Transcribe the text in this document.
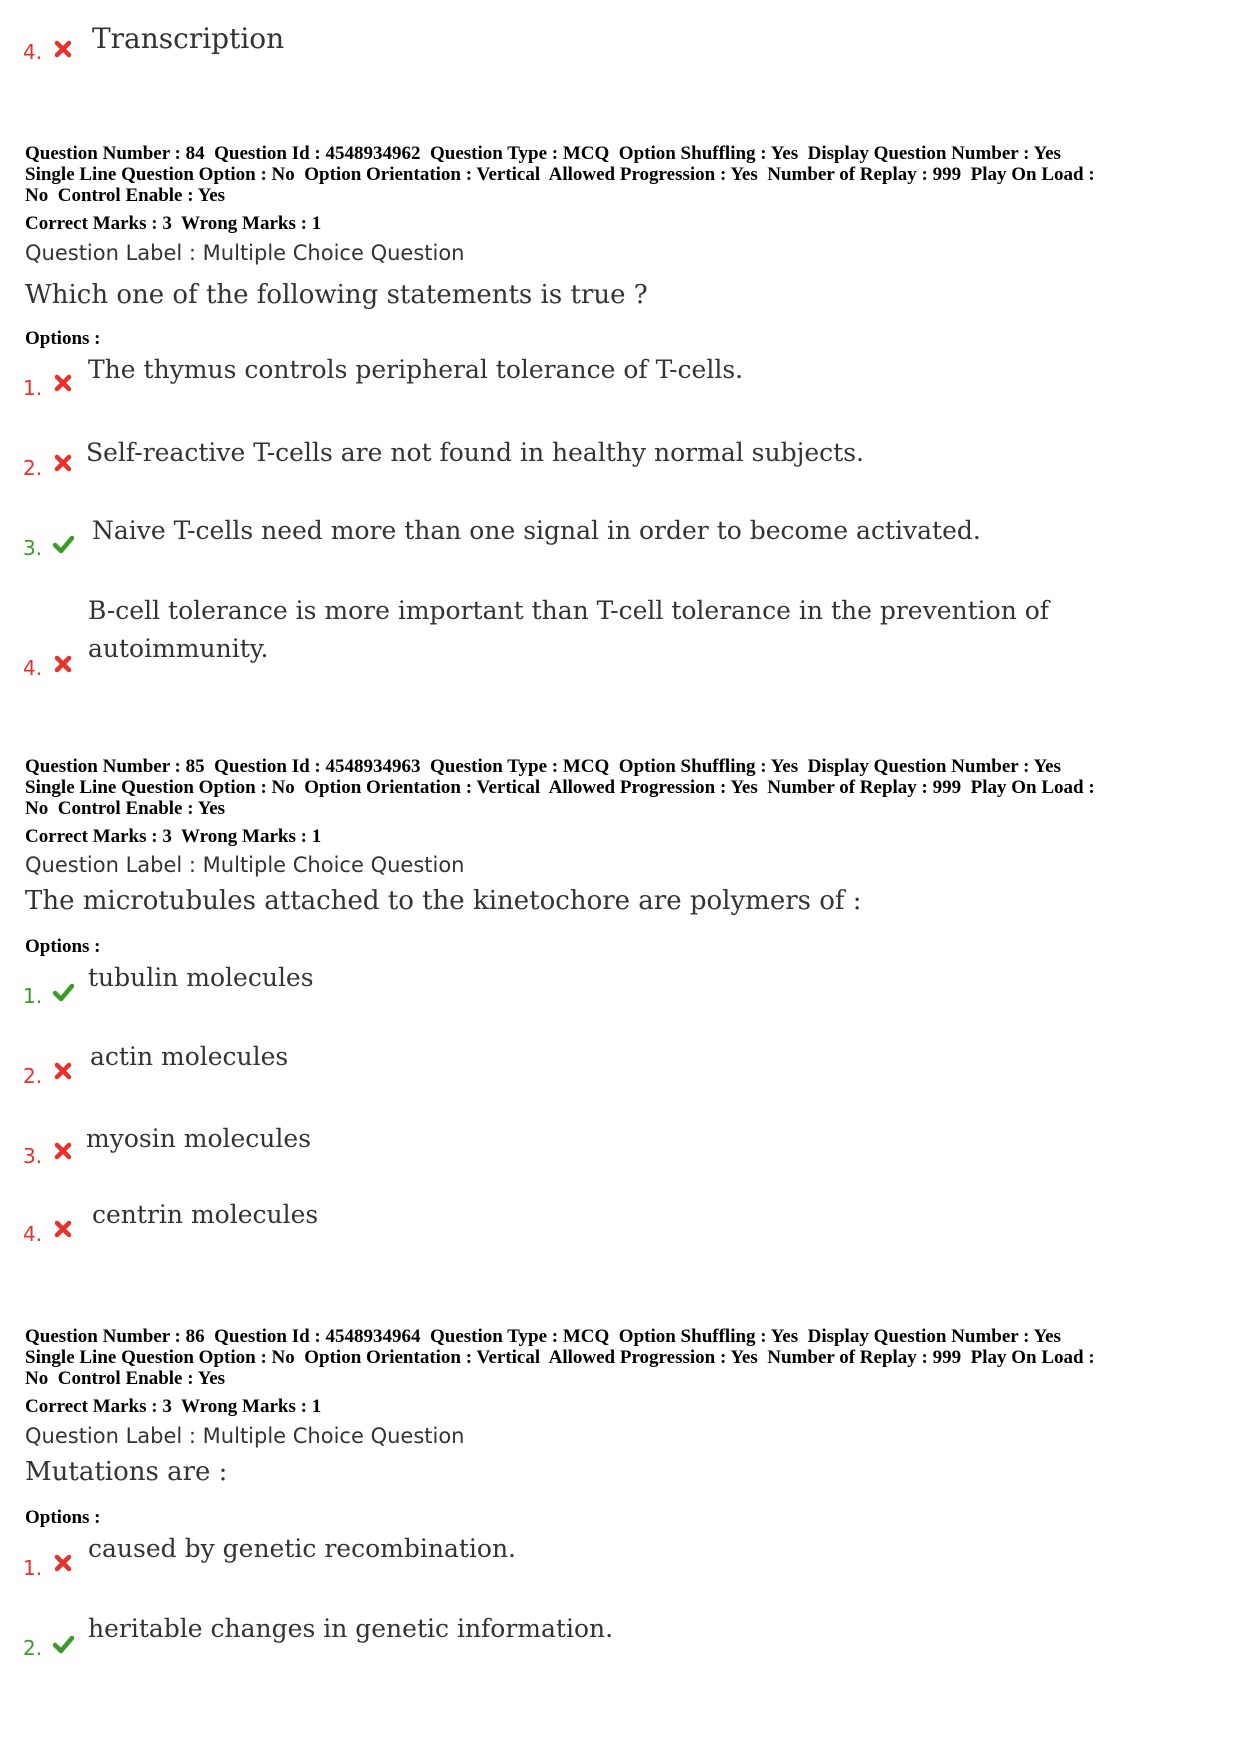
4. Transcription
Question Number : 84  Question Id : 4548934962  Question Type : MCQ  Option Shuffling : Yes  Display Question Number : Yes
Single Line Question Option : No  Option Orientation : Vertical  Allowed Progression : Yes  Number of Replay : 999  Play On Load :
No  Control Enable : Yes
Correct Marks : 3  Wrong Marks : 1
Question Label : Multiple Choice Question
Which one of the following statements is true ?
Options :
1.
The thymus controls peripheral tolerance of T-cells.
2.
Self-reactive T-cells are not found in healthy normal subjects.
3.
Naive T-cells need more than one signal in order to become activated.
4.
B-cell tolerance is more important than T-cell tolerance in the prevention of autoimmunity.
Question Number : 85  Question Id : 4548934963  Question Type : MCQ  Option Shuffling : Yes  Display Question Number : Yes
Single Line Question Option : No  Option Orientation : Vertical  Allowed Progression : Yes  Number of Replay : 999  Play On Load :
No  Control Enable : Yes
Correct Marks : 3  Wrong Marks : 1
Question Label : Multiple Choice Question
The microtubules attached to the kinetochore are polymers of :
Options :
1.
tubulin molecules
2.
actin molecules
3.
myosin molecules
4.
centrin molecules
Question Number : 86  Question Id : 4548934964  Question Type : MCQ  Option Shuffling : Yes  Display Question Number : Yes
Single Line Question Option : No  Option Orientation : Vertical  Allowed Progression : Yes  Number of Replay : 999  Play On Load :
No  Control Enable : Yes
Correct Marks : 3  Wrong Marks : 1
Question Label : Multiple Choice Question
Mutations are :
Options :
1.
caused by genetic recombination.
2.
heritable changes in genetic information.
